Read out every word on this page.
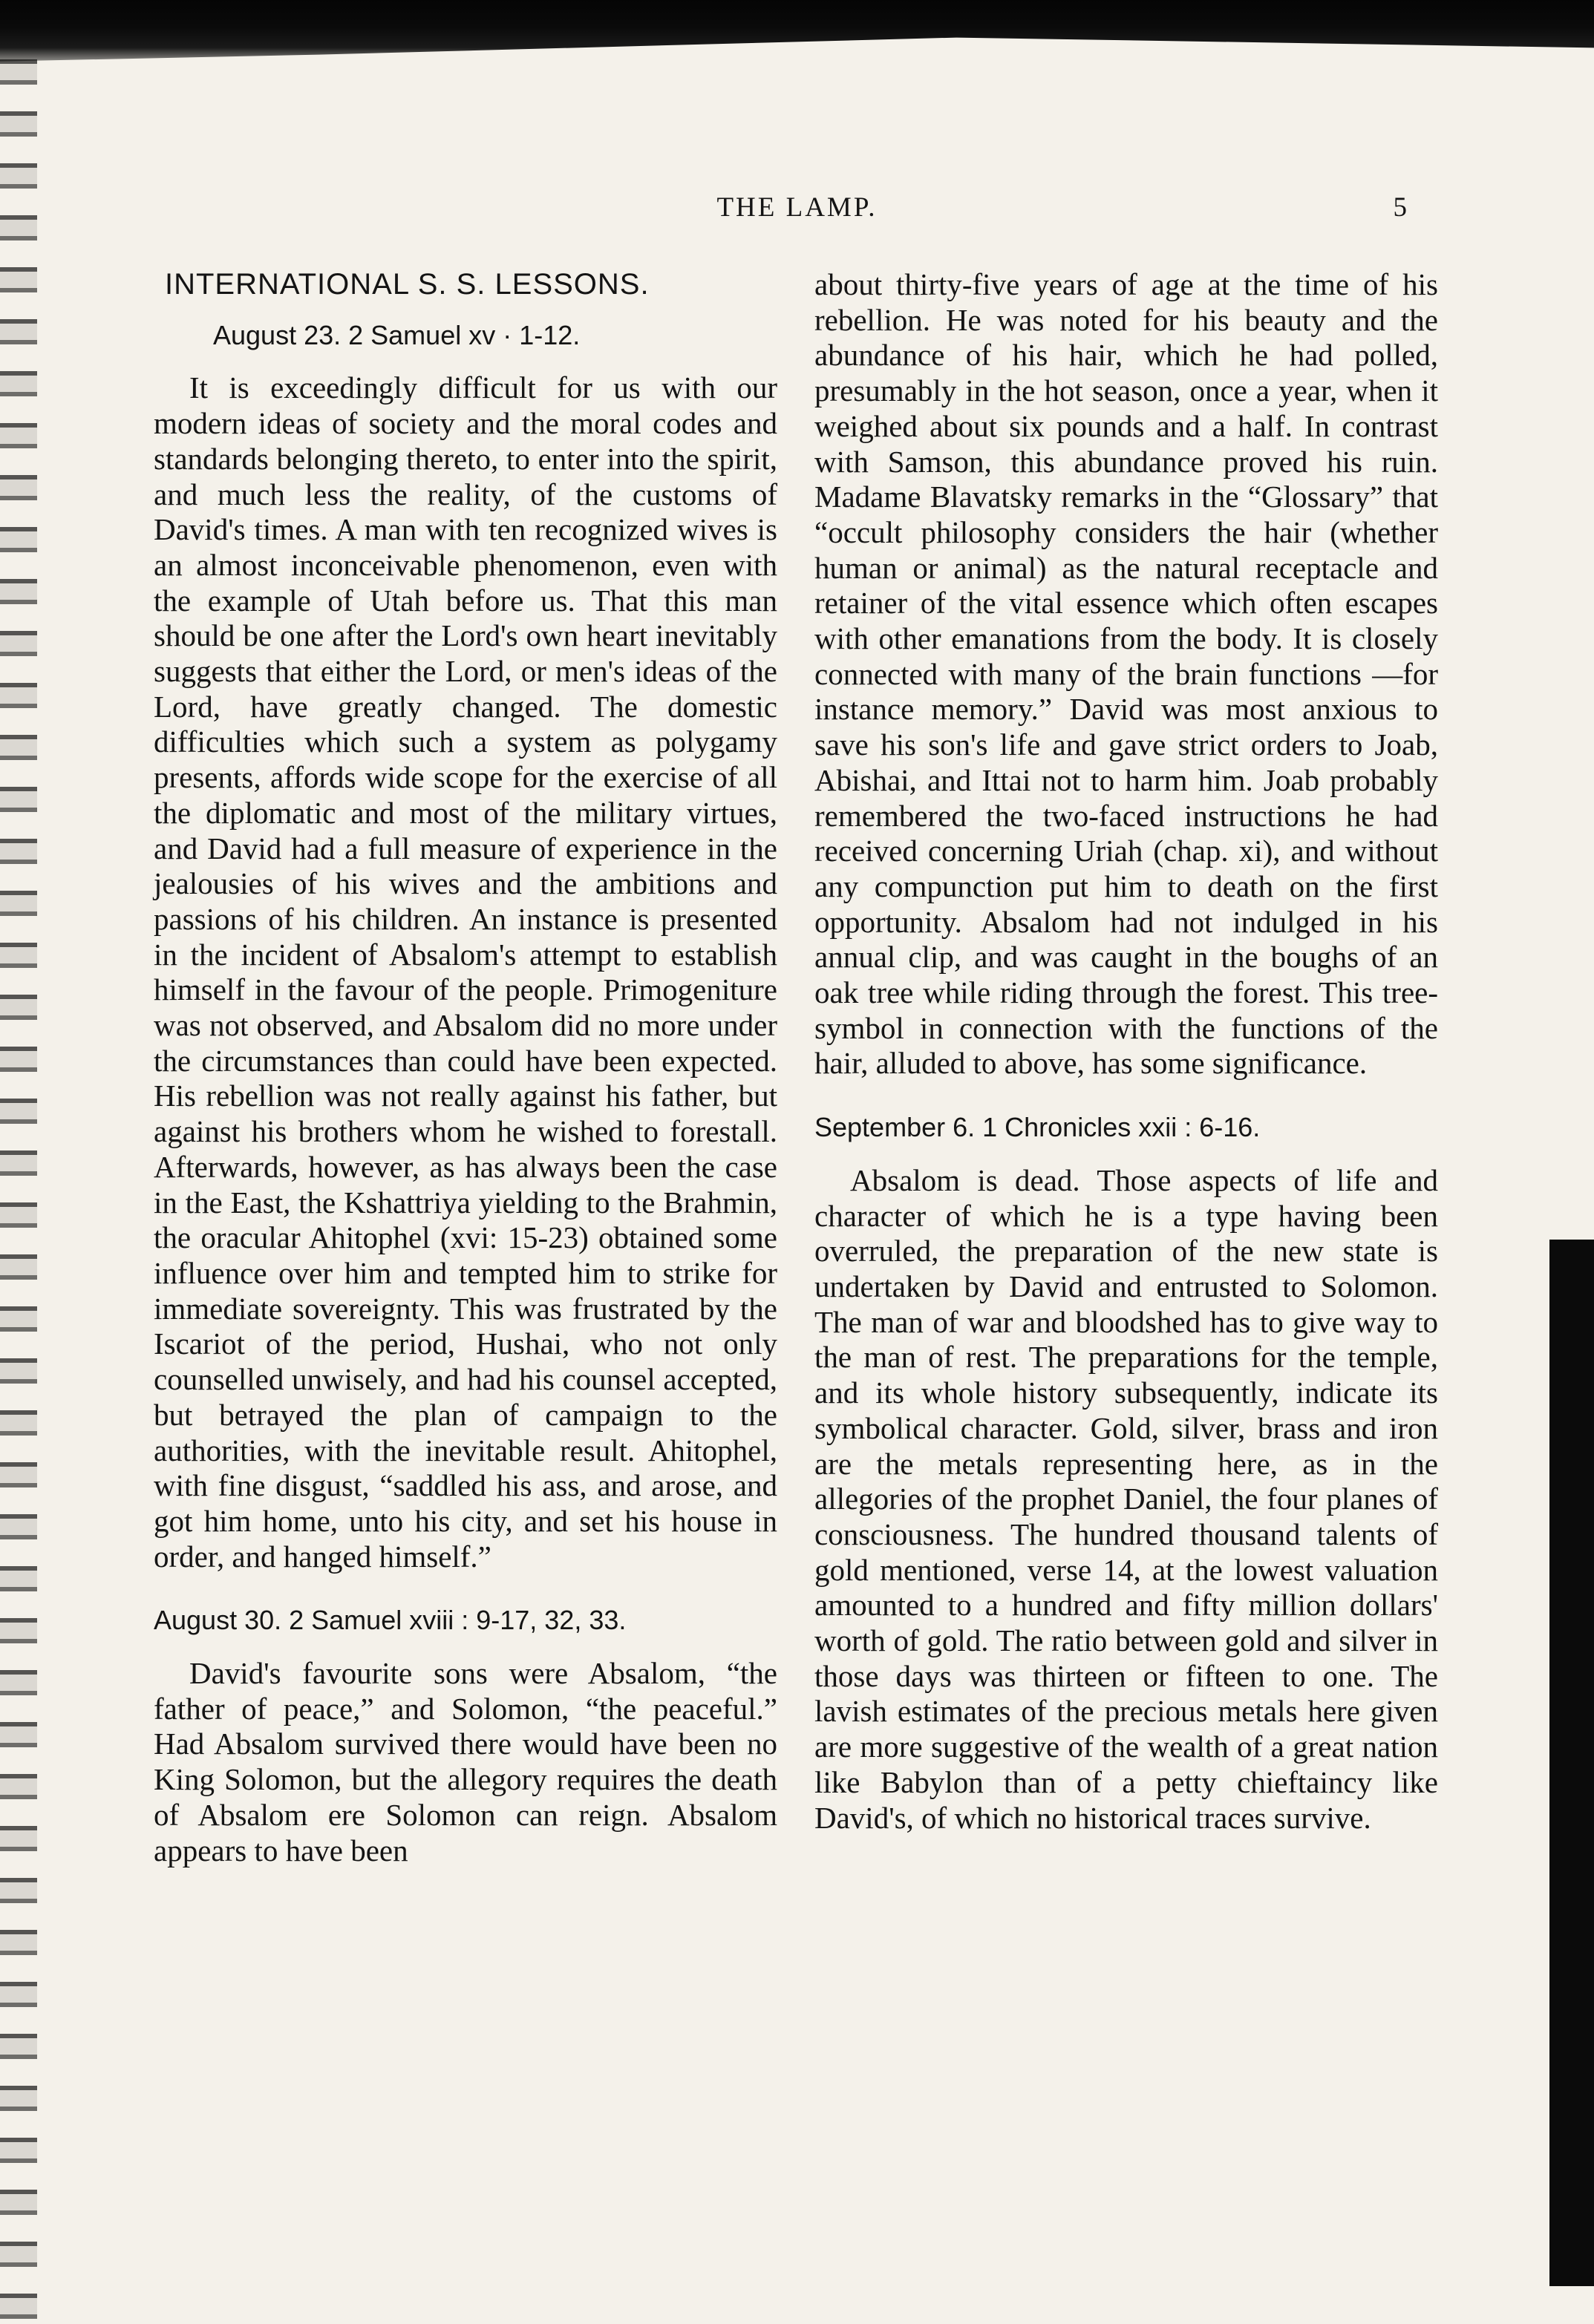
THE LAMP.	5
INTERNATIONAL S. S. LESSONS.
August 23. 2 Samuel xv · 1-12.

It is exceedingly difficult for us with our modern ideas of society and the moral codes and standards belonging thereto, to enter into the spirit, and much less the reality, of the customs of David's times. A man with ten recognized wives is an almost inconceivable phenomenon, even with the example of Utah before us. That this man should be one after the Lord's own heart inevitably suggests that either the Lord, or men's ideas of the Lord, have greatly changed. The domestic difficulties which such a system as polygamy presents, affords wide scope for the exercise of all the diplomatic and most of the military virtues, and David had a full measure of experience in the jealousies of his wives and the ambitions and passions of his children. An instance is presented in the incident of Absalom's attempt to establish himself in the favour of the people. Primogeniture was not observed, and Absalom did no more under the circumstances than could have been expected. His rebellion was not really against his father, but against his brothers whom he wished to forestall. Afterwards, however, as has always been the case in the East, the Kshattriya yielding to the Brahmin, the oracular Ahitophel (xvi: 15-23) obtained some influence over him and tempted him to strike for immediate sovereignty. This was frustrated by the Iscariot of the period, Hushai, who not only counselled unwisely, and had his counsel accepted, but betrayed the plan of campaign to the authorities, with the inevitable result. Ahitophel, with fine disgust, “saddled his ass, and arose, and got him home, unto his city, and set his house in order, and hanged himself.”

August 30. 2 Samuel xviii : 9-17, 32, 33.

David's favourite sons were Absalom, “the father of peace,” and Solomon, “the peaceful.” Had Absalom survived there would have been no King Solomon, but the allegory requires the death of Absalom ere Solomon can reign. Absalom appears to have been

about thirty-five years of age at the time of his rebellion. He was noted for his beauty and the abundance of his hair, which he had polled, presumably in the hot season, once a year, when it weighed about six pounds and a half. In contrast with Samson, this abundance proved his ruin. Madame Blavatsky remarks in the “Glossary” that “occult philosophy considers the hair (whether human or animal) as the natural receptacle and retainer of the vital essence which often escapes with other emanations from the body. It is closely connected with many of the brain functions —for instance memory.” David was most anxious to save his son's life and gave strict orders to Joab, Abishai, and Ittai not to harm him. Joab probably remembered the two-faced instructions he had received concerning Uriah (chap. xi), and without any compunction put him to death on the first opportunity. Absalom had not indulged in his annual clip, and was caught in the boughs of an oak tree while riding through the forest. This tree-symbol in connection with the functions of the hair, alluded to above, has some significance.

September 6. 1 Chronicles xxii : 6-16.

Absalom is dead. Those aspects of life and character of which he is a type having been overruled, the preparation of the new state is undertaken by David and entrusted to Solomon. The man of war and bloodshed has to give way to the man of rest. The preparations for the temple, and its whole history subsequently, indicate its symbolical character. Gold, silver, brass and iron are the metals representing here, as in the allegories of the prophet Daniel, the four planes of consciousness. The hundred thousand talents of gold mentioned, verse 14, at the lowest valuation amounted to a hundred and fifty million dollars' worth of gold. The ratio between gold and silver in those days was thirteen or fifteen to one. The lavish estimates of the precious metals here given are more suggestive of the wealth of a great nation like Babylon than of a petty chieftaincy like David's, of which no historical traces survive.
